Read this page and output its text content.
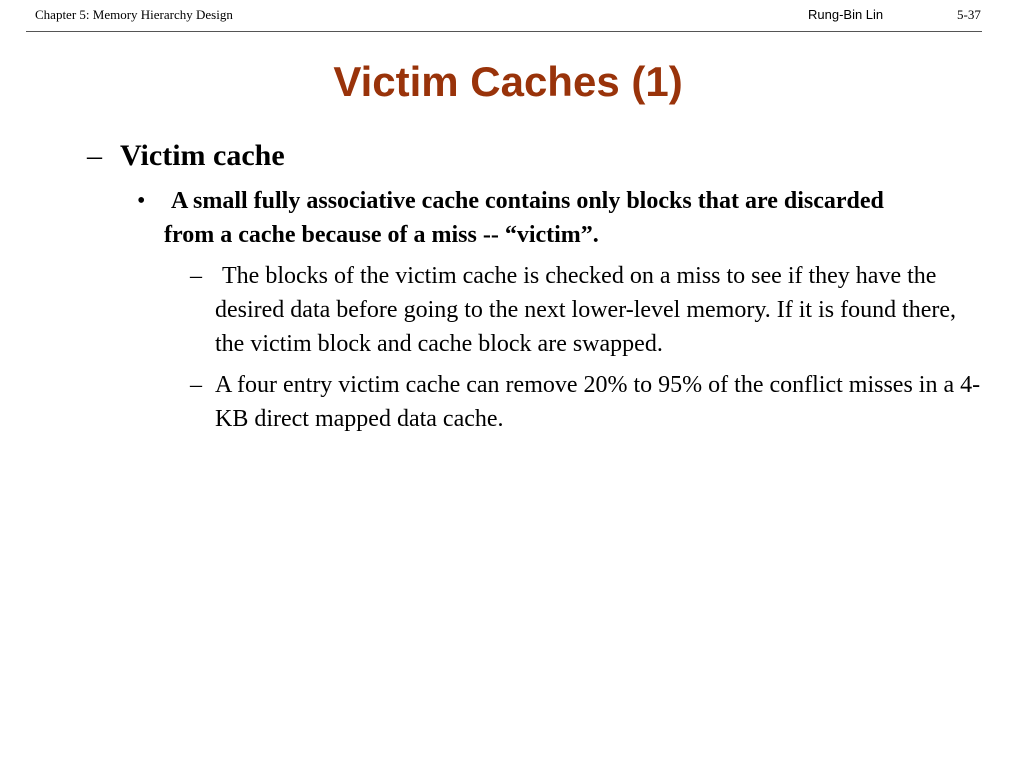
Chapter 5: Memory Hierarchy Design	Rung-Bin Lin	5-37
Victim Caches (1)
– Victim cache
• A small fully associative cache contains only blocks that are discarded from a cache because of a miss -- “victim”.
– The blocks of the victim cache is checked on a miss to see if they have the desired data before going to the next lower-level memory. If it is found there, the victim block and cache block are swapped.
– A four entry victim cache can remove 20% to 95% of the conflict misses in a 4-KB direct mapped data cache.
